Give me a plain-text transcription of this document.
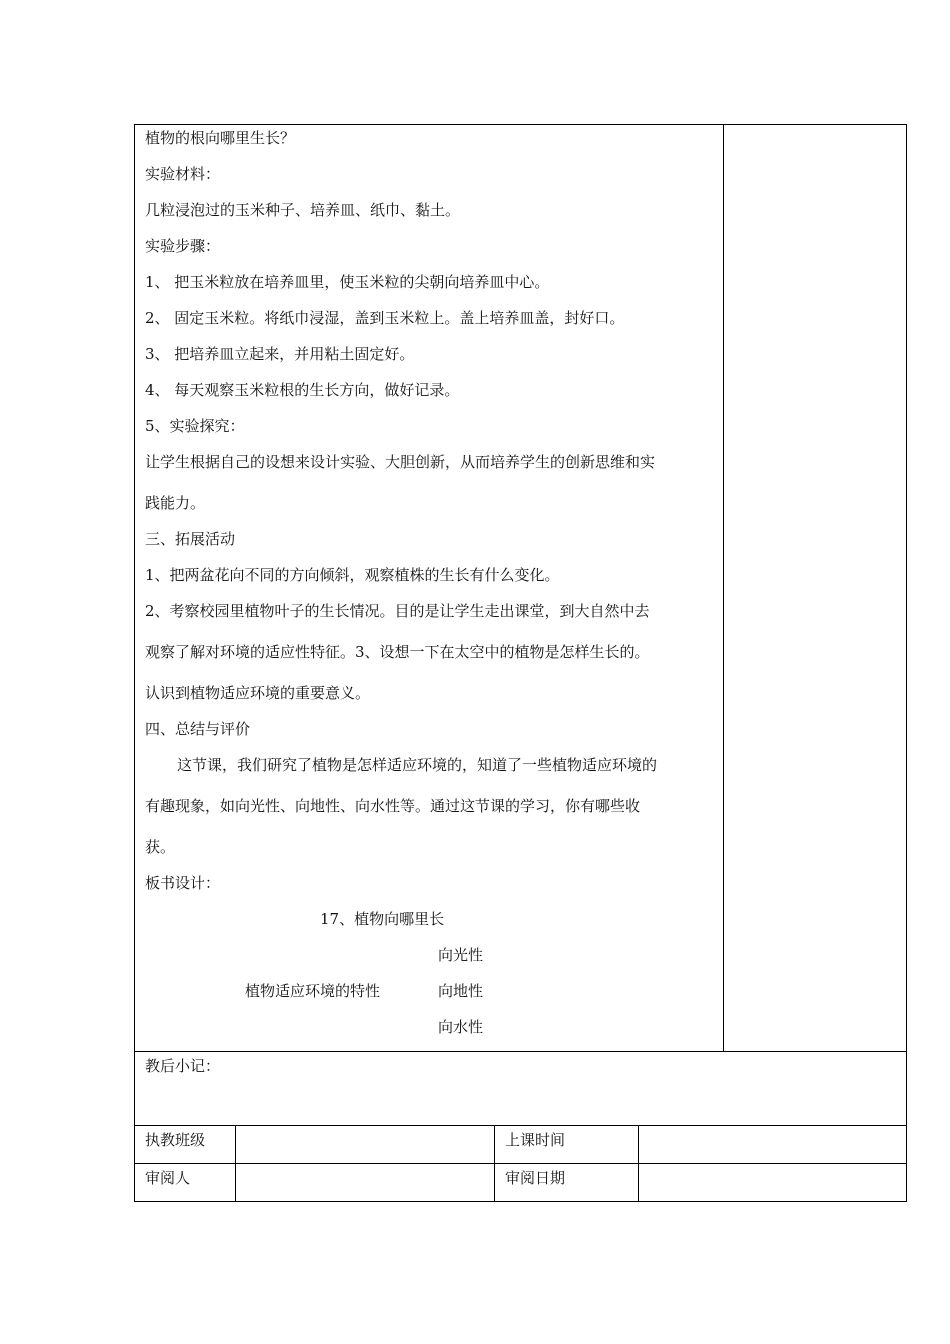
植物的根向哪里生长？
实验材料：
几粒浸泡过的玉米种子、培养皿、纸巾、黏土。
实验步骤：
1、 把玉米粒放在培养皿里，使玉米粒的尖朝向培养皿中心。
2、 固定玉米粒。将纸巾浸湿，盖到玉米粒上。盖上培养皿盖，封好口。
3、 把培养皿立起来，并用粘土固定好。
4、 每天观察玉米粒根的生长方向，做好记录。
5、实验探究：
让学生根据自己的设想来设计实验、大胆创新，从而培养学生的创新思维和实
践能力。
三、拓展活动
1、把两盆花向不同的方向倾斜，观察植株的生长有什么变化。
2、考察校园里植物叶子的生长情况。目的是让学生走出课堂，到大自然中去
观察了解对环境的适应性特征。3、设想一下在太空中的植物是怎样生长的。
认识到植物适应环境的重要意义。
四、总结与评价
这节课，我们研究了植物是怎样适应环境的，知道了一些植物适应环境的
有趣现象，如向光性、向地性、向水性等。通过这节课的学习，你有哪些收
获。
板书设计：
17、植物向哪里长
向光性
植物适应环境的特性	向地性
向水性
教后小记：
执教班级	上课时间
审阅人	审阅日期
